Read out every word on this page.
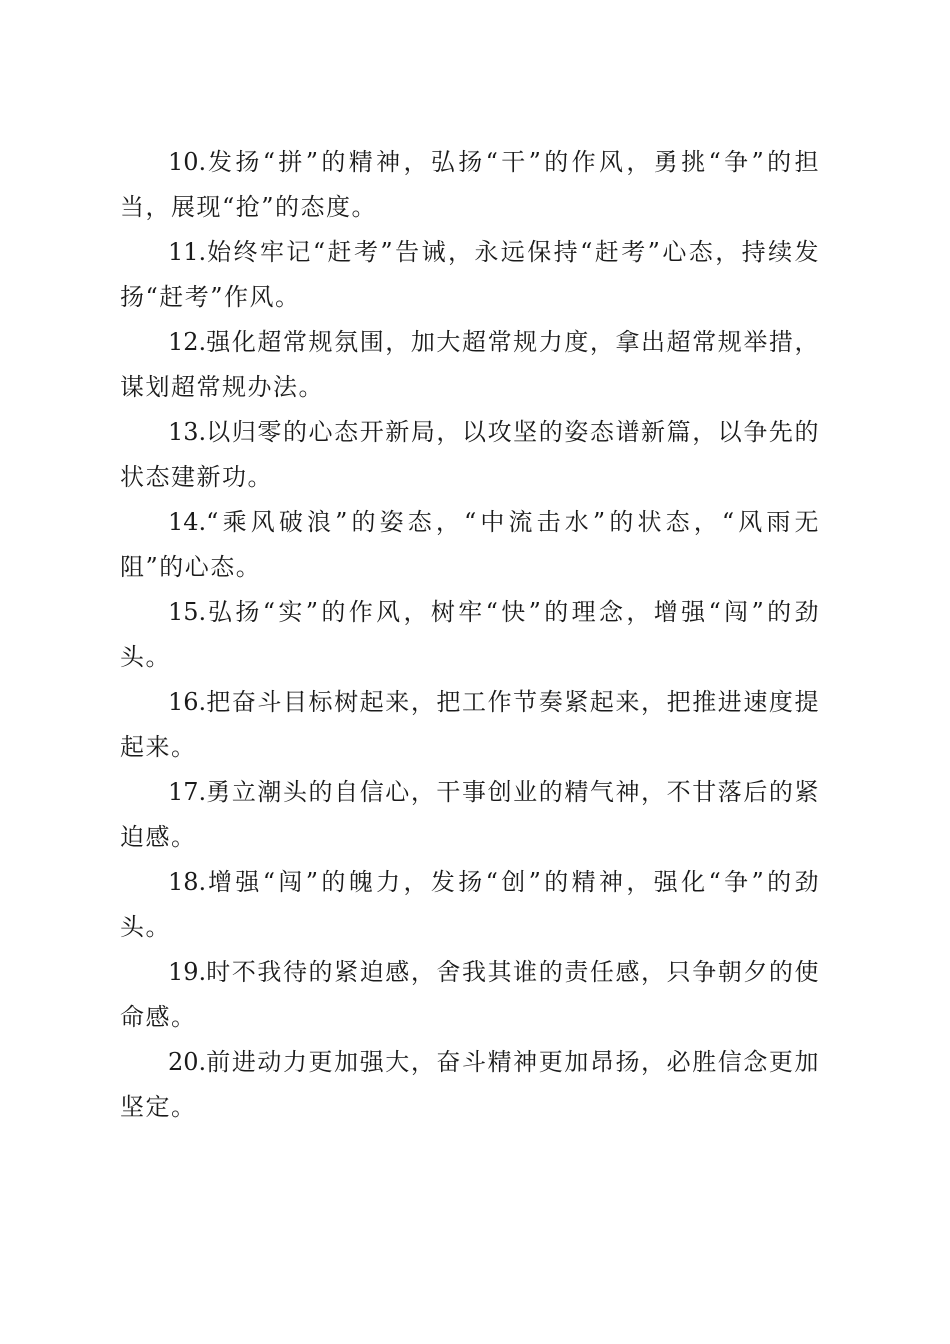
10.发扬“拼”的精神，弘扬“干”的作风，勇挑“争”的担当，展现“抢”的态度。

11.始终牢记“赶考”告诫，永远保持“赶考”心态，持续发扬“赶考”作风。

12.强化超常规氛围，加大超常规力度，拿出超常规举措，谋划超常规办法。

13.以归零的心态开新局，以攻坚的姿态谱新篇，以争先的状态建新功。

14.“乘风破浪”的姿态，“中流击水”的状态，“风雨无阻”的心态。

15.弘扬“实”的作风，树牢“快”的理念，增强“闯”的劲头。

16.把奋斗目标树起来，把工作节奏紧起来，把推进速度提起来。

17.勇立潮头的自信心，干事创业的精气神，不甘落后的紧迫感。

18.增强“闯”的魄力，发扬“创”的精神，强化“争”的劲头。

19.时不我待的紧迫感，舍我其谁的责任感，只争朝夕的使命感。

20.前进动力更加强大，奋斗精神更加昂扬，必胜信念更加坚定。
